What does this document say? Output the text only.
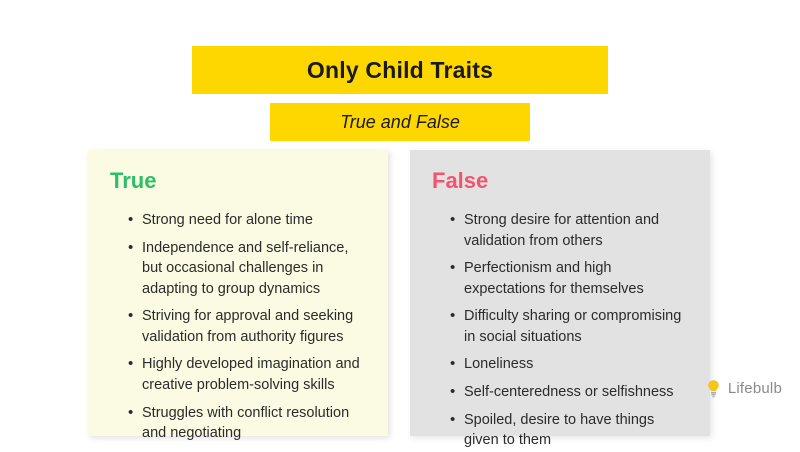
Only Child Traits
True and False
True
• Strong need for alone time
• Independence and self-reliance, but occasional challenges in adapting to group dynamics
• Striving for approval and seeking validation from authority figures
• Highly developed imagination and creative problem-solving skills
• Struggles with conflict resolution and negotiating
False
• Strong desire for attention and validation from others
• Perfectionism and high expectations for themselves
• Difficulty sharing or compromising in social situations
• Loneliness
• Self-centeredness or selfishness
• Spoiled, desire to have things given to them
Lifebulb
